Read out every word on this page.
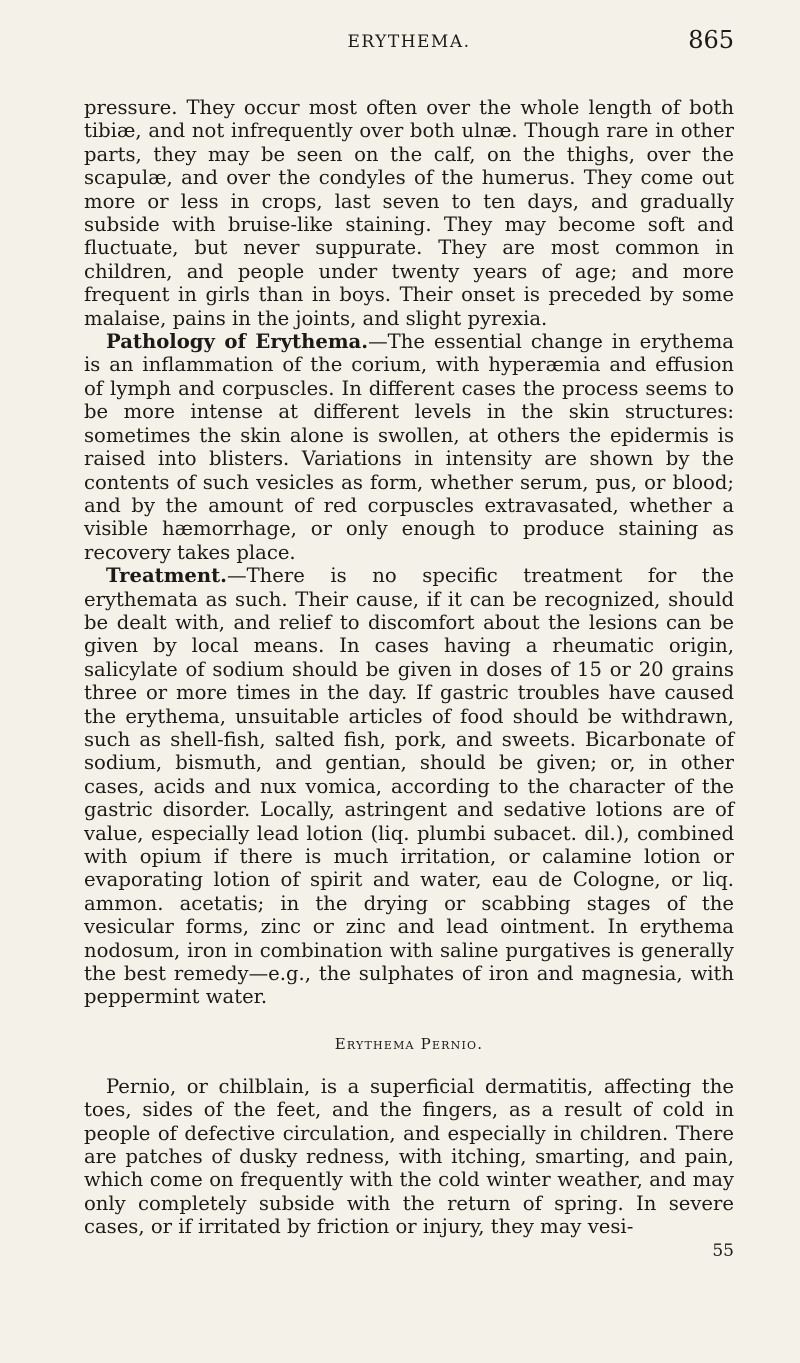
ERYTHEMA.	865

pressure. They occur most often over the whole length of both tibiæ, and not infrequently over both ulnæ. Though rare in other parts, they may be seen on the calf, on the thighs, over the scapulæ, and over the condyles of the humerus. They come out more or less in crops, last seven to ten days, and gradually subside with bruise-like staining. They may become soft and fluctuate, but never suppurate. They are most common in children, and people under twenty years of age; and more frequent in girls than in boys. Their onset is preceded by some malaise, pains in the joints, and slight pyrexia.

Pathology of Erythema.—The essential change in erythema is an inflammation of the corium, with hyperæmia and effusion of lymph and corpuscles. In different cases the process seems to be more intense at different levels in the skin structures: sometimes the skin alone is swollen, at others the epidermis is raised into blisters. Variations in intensity are shown by the contents of such vesicles as form, whether serum, pus, or blood; and by the amount of red corpuscles extravasated, whether a visible hæmorrhage, or only enough to produce staining as recovery takes place.

Treatment.—There is no specific treatment for the erythemata as such. Their cause, if it can be recognized, should be dealt with, and relief to discomfort about the lesions can be given by local means. In cases having a rheumatic origin, salicylate of sodium should be given in doses of 15 or 20 grains three or more times in the day. If gastric troubles have caused the erythema, unsuitable articles of food should be withdrawn, such as shell-fish, salted fish, pork, and sweets. Bicarbonate of sodium, bismuth, and gentian, should be given; or, in other cases, acids and nux vomica, according to the character of the gastric disorder. Locally, astringent and sedative lotions are of value, especially lead lotion (liq. plumbi subacet. dil.), combined with opium if there is much irritation, or calamine lotion or evaporating lotion of spirit and water, eau de Cologne, or liq. ammon. acetatis; in the drying or scabbing stages of the vesicular forms, zinc or zinc and lead ointment. In erythema nodosum, iron in combination with saline purgatives is generally the best remedy—e.g., the sulphates of iron and magnesia, with peppermint water.

Erythema Pernio.

Pernio, or chilblain, is a superficial dermatitis, affecting the toes, sides of the feet, and the fingers, as a result of cold in people of defective circulation, and especially in children. There are patches of dusky redness, with itching, smarting, and pain, which come on frequently with the cold winter weather, and may only completely subside with the return of spring. In severe cases, or if irritated by friction or injury, they may vesi-

55
